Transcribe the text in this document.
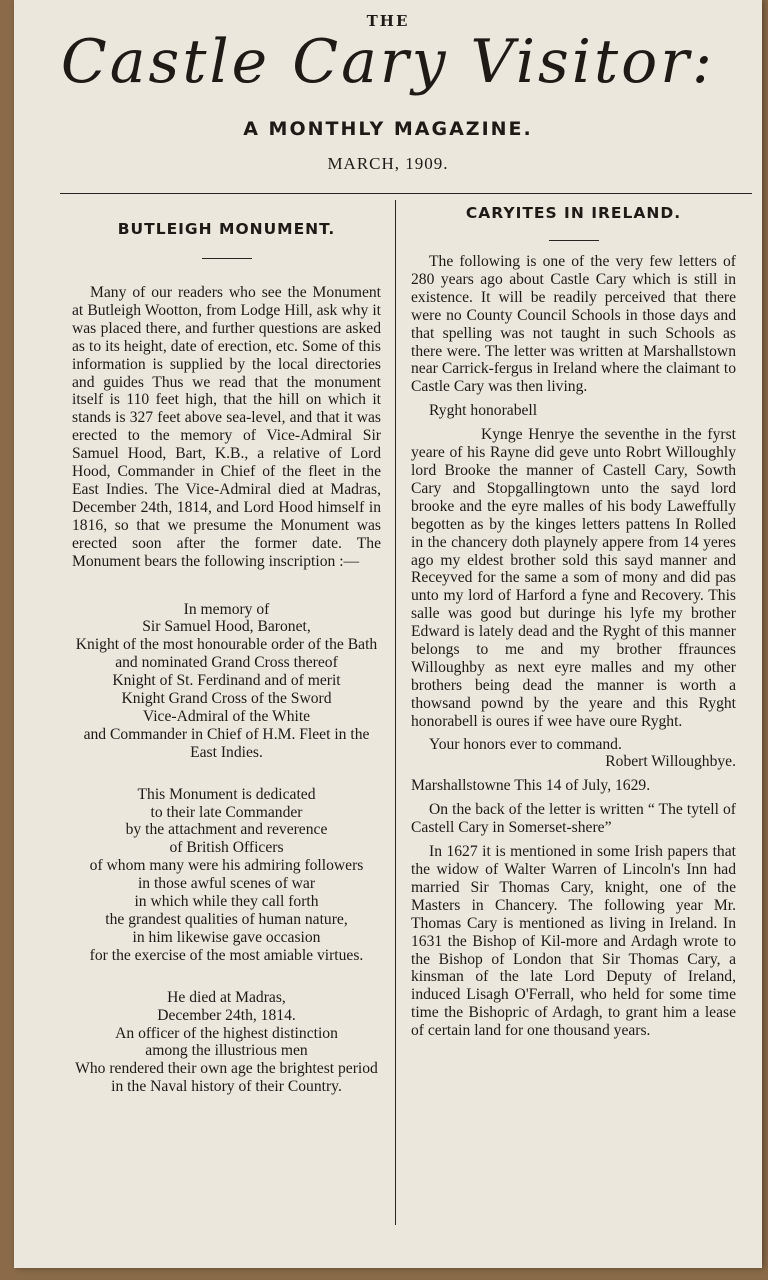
THE
Castle Cary Visitor:
A MONTHLY MAGAZINE.
MARCH, 1909.
BUTLEIGH MONUMENT.

Many of our readers who see the Monument at Butleigh Wootton, from Lodge Hill, ask why it was placed there, and further questions are asked as to its height, date of erection, etc. Some of this information is supplied by the local directories and guides Thus we read that the monument itself is 110 feet high, that the hill on which it stands is 327 feet above sea-level, and that it was erected to the memory of Vice-Admiral Sir Samuel Hood, Bart, K.B., a relative of Lord Hood, Commander in Chief of the fleet in the East Indies. The Vice-Admiral died at Madras, December 24th, 1814, and Lord Hood himself in 1816, so that we presume the Monument was erected soon after the former date. The Monument bears the following inscription :—

In memory of
Sir Samuel Hood, Baronet,
Knight of the most honourable order of the Bath
and nominated Grand Cross thereof
Knight of St. Ferdinand and of merit
Knight Grand Cross of the Sword
Vice-Admiral of the White
and Commander in Chief of H.M. Fleet in the East Indies.
This Monument is dedicated
to their late Commander
by the attachment and reverence
of British Officers
of whom many were his admiring followers
in those awful scenes of war
in which while they call forth
the grandest qualities of human nature,
in him likewise gave occasion
for the exercise of the most amiable virtues.
He died at Madras,
December 24th, 1814.
An officer of the highest distinction
among the illustrious men
Who rendered their own age the brightest period
in the Naval history of their Country.
CARYITES IN IRELAND.

The following is one of the very few letters of 280 years ago about Castle Cary which is still in existence. It will be readily perceived that there were no County Council Schools in those days and that spelling was not taught in such Schools as there were. The letter was written at Marshallstown near Carrick-fergus in Ireland where the claimant to Castle Cary was then living.

Ryght honorabell

Kynge Henrye the seventhe in the fyrst yeare of his Rayne did geve unto Robrt Willoughly lord Brooke the manner of Castell Cary, Sowth Cary and Stopgallingtown unto the sayd lord brooke and the eyre malles of his body Laweffully begotten as by the kinges letters pattens In Rolled in the chancery doth playnely appere from 14 yeres ago my eldest brother sold this sayd manner and Receyved for the same a som of mony and did pas unto my lord of Harford a fyne and Recovery. This salle was good but duringe his lyfe my brother Edward is lately dead and the Ryght of this manner belongs to me and my brother ffraunces Willoughby as next eyre malles and my other brothers being dead the manner is worth a thowsand pownd by the yeare and this Ryght honorabell is oures if wee have oure Ryght.

Your honors ever to command.

Robert Willoughbye.

Marshallstowne This 14 of July, 1629.

On the back of the letter is written “ The tytell of Castell Cary in Somerset-shere”

In 1627 it is mentioned in some Irish papers that the widow of Walter Warren of Lincoln's Inn had married Sir Thomas Cary, knight, one of the Masters in Chancery. The following year Mr. Thomas Cary is mentioned as living in Ireland. In 1631 the Bishop of Kil-more and Ardagh wrote to the Bishop of London that Sir Thomas Cary, a kinsman of the late Lord Deputy of Ireland, induced Lisagh O'Ferrall, who held for some time time the Bishopric of Ardagh, to grant him a lease of certain land for one thousand years.
